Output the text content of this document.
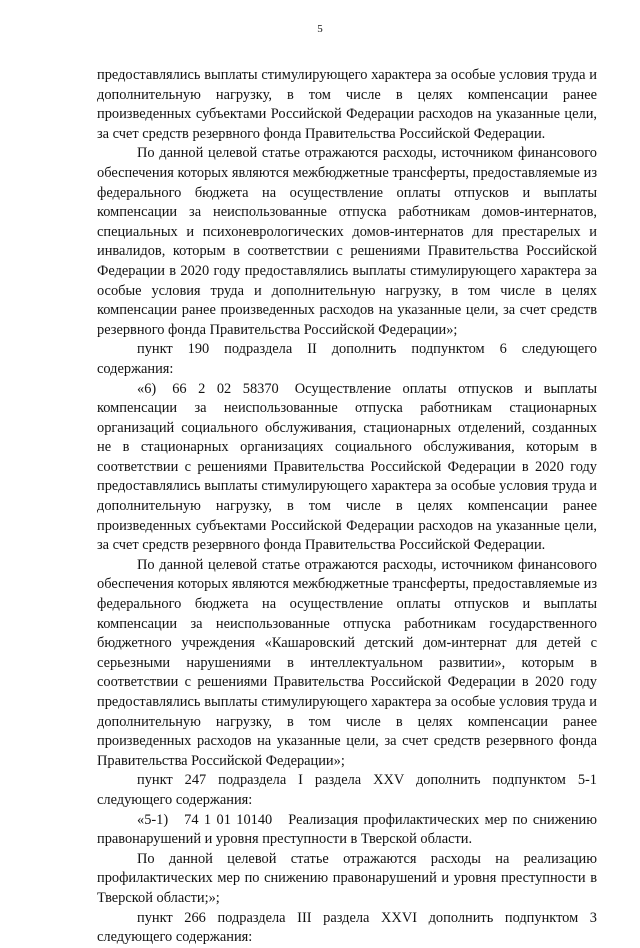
5

предоставлялись выплаты стимулирующего характера за особые условия труда и дополнительную нагрузку, в том числе в целях компенсации ранее произведенных субъектами Российской Федерации расходов на указанные цели, за счет средств резервного фонда Правительства Российской Федерации.

По данной целевой статье отражаются расходы, источником финансового обеспечения которых являются межбюджетные трансферты, предоставляемые из федерального бюджета на осуществление оплаты отпусков и выплаты компенсации за неиспользованные отпуска работникам домов-интернатов, специальных и психоневрологических домов-интернатов для престарелых и инвалидов, которым в соответствии с решениями Правительства Российской Федерации в 2020 году предоставлялись выплаты стимулирующего характера за особые условия труда и дополнительную нагрузку, в том числе в целях компенсации ранее произведенных расходов на указанные цели, за счет средств резервного фонда Правительства Российской Федерации»;

пункт 190 подраздела II дополнить подпунктом 6 следующего содержания:

«6) 66 2 02 58370 Осуществление оплаты отпусков и выплаты компенсации за неиспользованные отпуска работникам стационарных организаций социального обслуживания, стационарных отделений, созданных не в стационарных организациях социального обслуживания, которым в соответствии с решениями Правительства Российской Федерации в 2020 году предоставлялись выплаты стимулирующего характера за особые условия труда и дополнительную нагрузку, в том числе в целях компенсации ранее произведенных субъектами Российской Федерации расходов на указанные цели, за счет средств резервного фонда Правительства Российской Федерации.

По данной целевой статье отражаются расходы, источником финансового обеспечения которых являются межбюджетные трансферты, предоставляемые из федерального бюджета на осуществление оплаты отпусков и выплаты компенсации за неиспользованные отпуска работникам государственного бюджетного учреждения «Кашаровский детский дом-интернат для детей с серьезными нарушениями в интеллектуальном развитии», которым в соответствии с решениями Правительства Российской Федерации в 2020 году предоставлялись выплаты стимулирующего характера за особые условия труда и дополнительную нагрузку, в том числе в целях компенсации ранее произведенных расходов на указанные цели, за счет средств резервного фонда Правительства Российской Федерации»;

пункт 247 подраздела I раздела XXV дополнить подпунктом 5-1 следующего содержания:

«5-1) 74 1 01 10140 Реализация профилактических мер по снижению правонарушений и уровня преступности в Тверской области.

По данной целевой статье отражаются расходы на реализацию профилактических мер по снижению правонарушений и уровня преступности в Тверской области;»;

пункт 266 подраздела III раздела XXVI дополнить подпунктом 3 следующего содержания:
